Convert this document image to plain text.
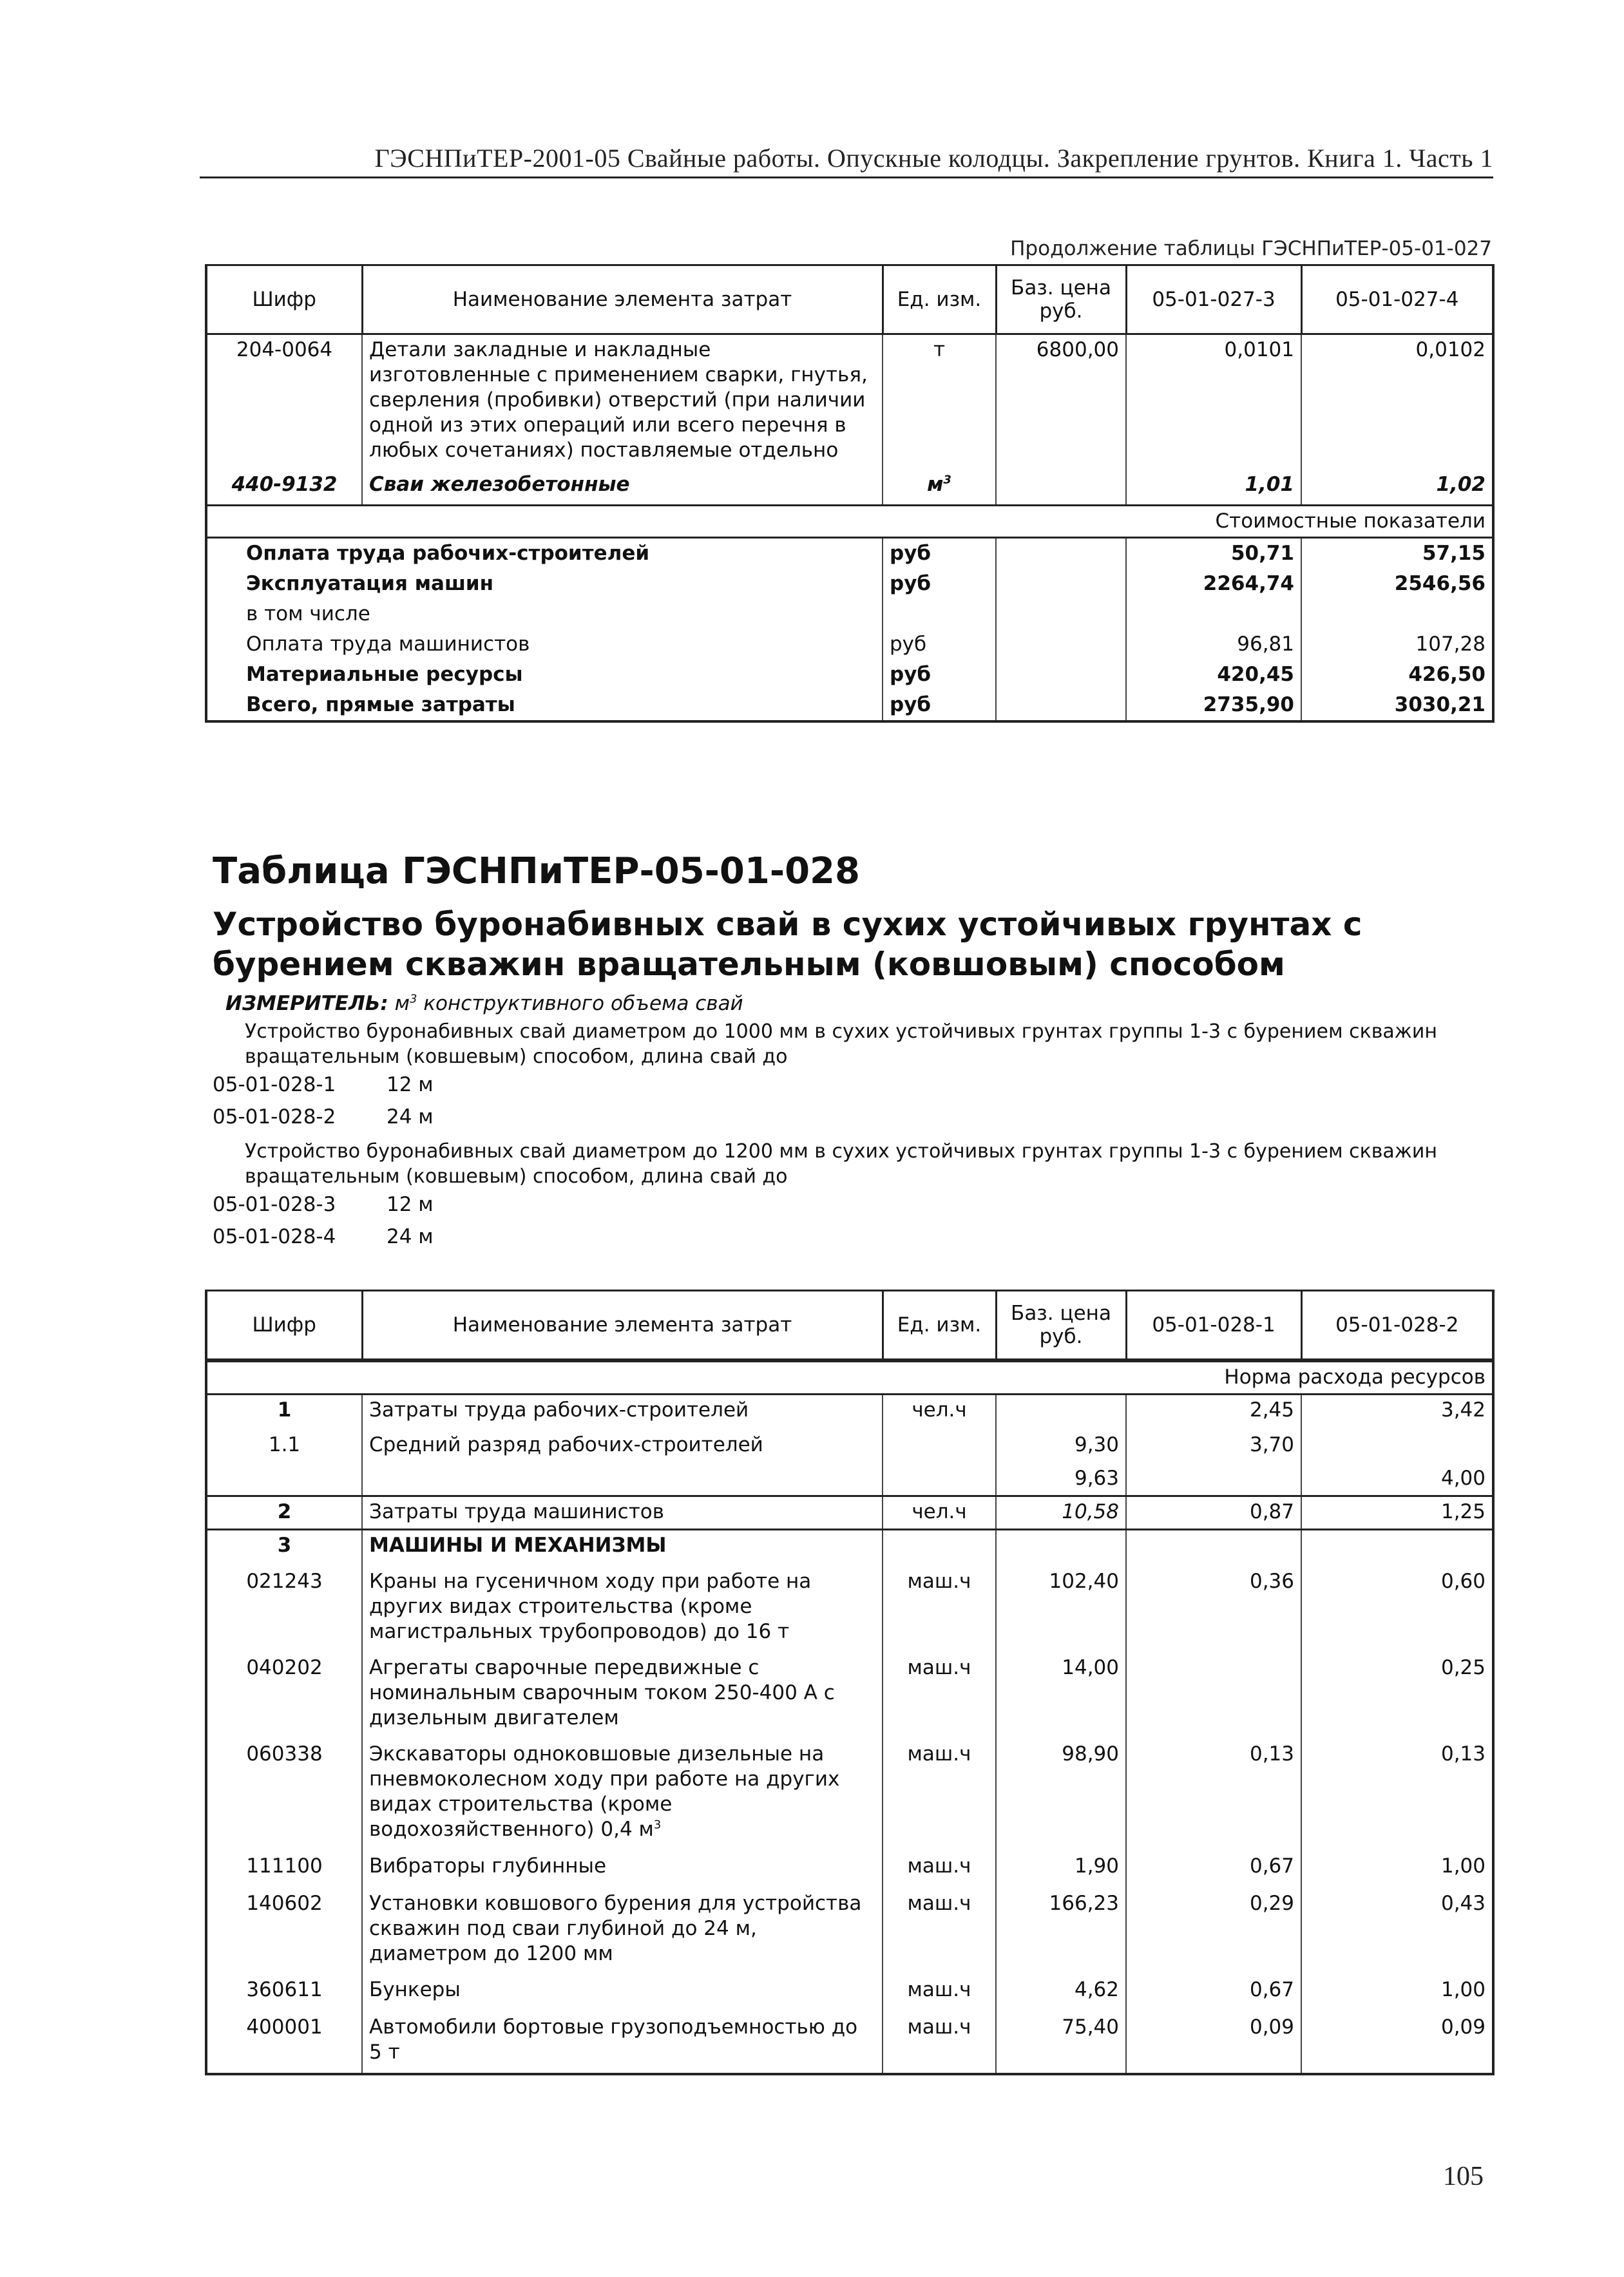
ГЭСНПиТЕР-2001-05 Свайные работы. Опускные колодцы. Закрепление грунтов. Книга 1. Часть 1
Продолжение таблицы ГЭСНПиТЕР-05-01-027
Шифр	Наименование элемента затрат	Ед. изм.	Баз. цена руб.	05-01-027-3	05-01-027-4
204-0064	Детали закладные и накладные изготовленные с применением сварки, гнутья, сверления (пробивки) отверстий (при наличии одной из этих операций или всего перечня в любых сочетаниях) поставляемые отдельно	т	6800,00	0,0101	0,0102
440-9132	Сваи железобетонные	$м^3$		1,01	1,02
Стоимостные показатели					
Оплата труда рабочих-строителей		руб		50,71	57,15
Эксплуатация машин		руб		2264,74	2546,56
в том числе					
Оплата труда машинистов		руб		96,81	107,28
Материальные ресурсы		руб		420,45	426,50
Всего, прямые затраты		руб		2735,90	3030,21
Таблица ГЭСНПиТЕР-05-01-028
Устройство буронабивных свай в сухих устойчивых грунтах с
бурением скважин вращательным (ковшовым) способом
ИЗМЕРИТЕЛЬ: $м^3$ конструктивного объема свай
Устройство буронабивных свай диаметром до 1000 мм в сухих устойчивых грунтах группы 1-3 с бурением скважин вращательным (ковшевым) способом, длина свай до
05-01-028-1	12 м
05-01-028-2	24 м
Устройство буронабивных свай диаметром до 1200 мм в сухих устойчивых грунтах группы 1-3 с бурением скважин вращательным (ковшевым) способом, длина свай до
05-01-028-3	12 м
05-01-028-4	24 м
Шифр	Наименование элемента затрат	Ед. изм.	Баз. цена руб.	05-01-028-1	05-01-028-2
Норма расхода ресурсов					
1	Затраты труда рабочих-строителей	чел.ч		2,45	3,42
1.1	Средний разряд рабочих-строителей		9,30	3,70	
			9,63		4,00
2	Затраты труда машинистов	чел.ч	10,58	0,87	1,25
3	МАШИНЫ И МЕХАНИЗМЫ				
021243	Краны на гусеничном ходу при работе на других видах строительства (кроме магистральных трубопроводов) до 16 т	маш.ч	102,40	0,36	0,60
040202	Агрегаты сварочные передвижные с номинальным сварочным током 250-400 А с дизельным двигателем	маш.ч	14,00		0,25
060338	Экскаваторы одноковшовые дизельные на пневмоколесном ходу при работе на других видах строительства (кроме водохозяйственного) 0,4 $м^3$	маш.ч	98,90	0,13	0,13
111100	Вибраторы глубинные	маш.ч	1,90	0,67	1,00
140602	Установки ковшового бурения для устройства скважин под сваи глубиной до 24 м, диаметром до 1200 мм	маш.ч	166,23	0,29	0,43
360611	Бункеры	маш.ч	4,62	0,67	1,00
400001	Автомобили бортовые грузоподъемностью до 5 т	маш.ч	75,40	0,09	0,09
105
